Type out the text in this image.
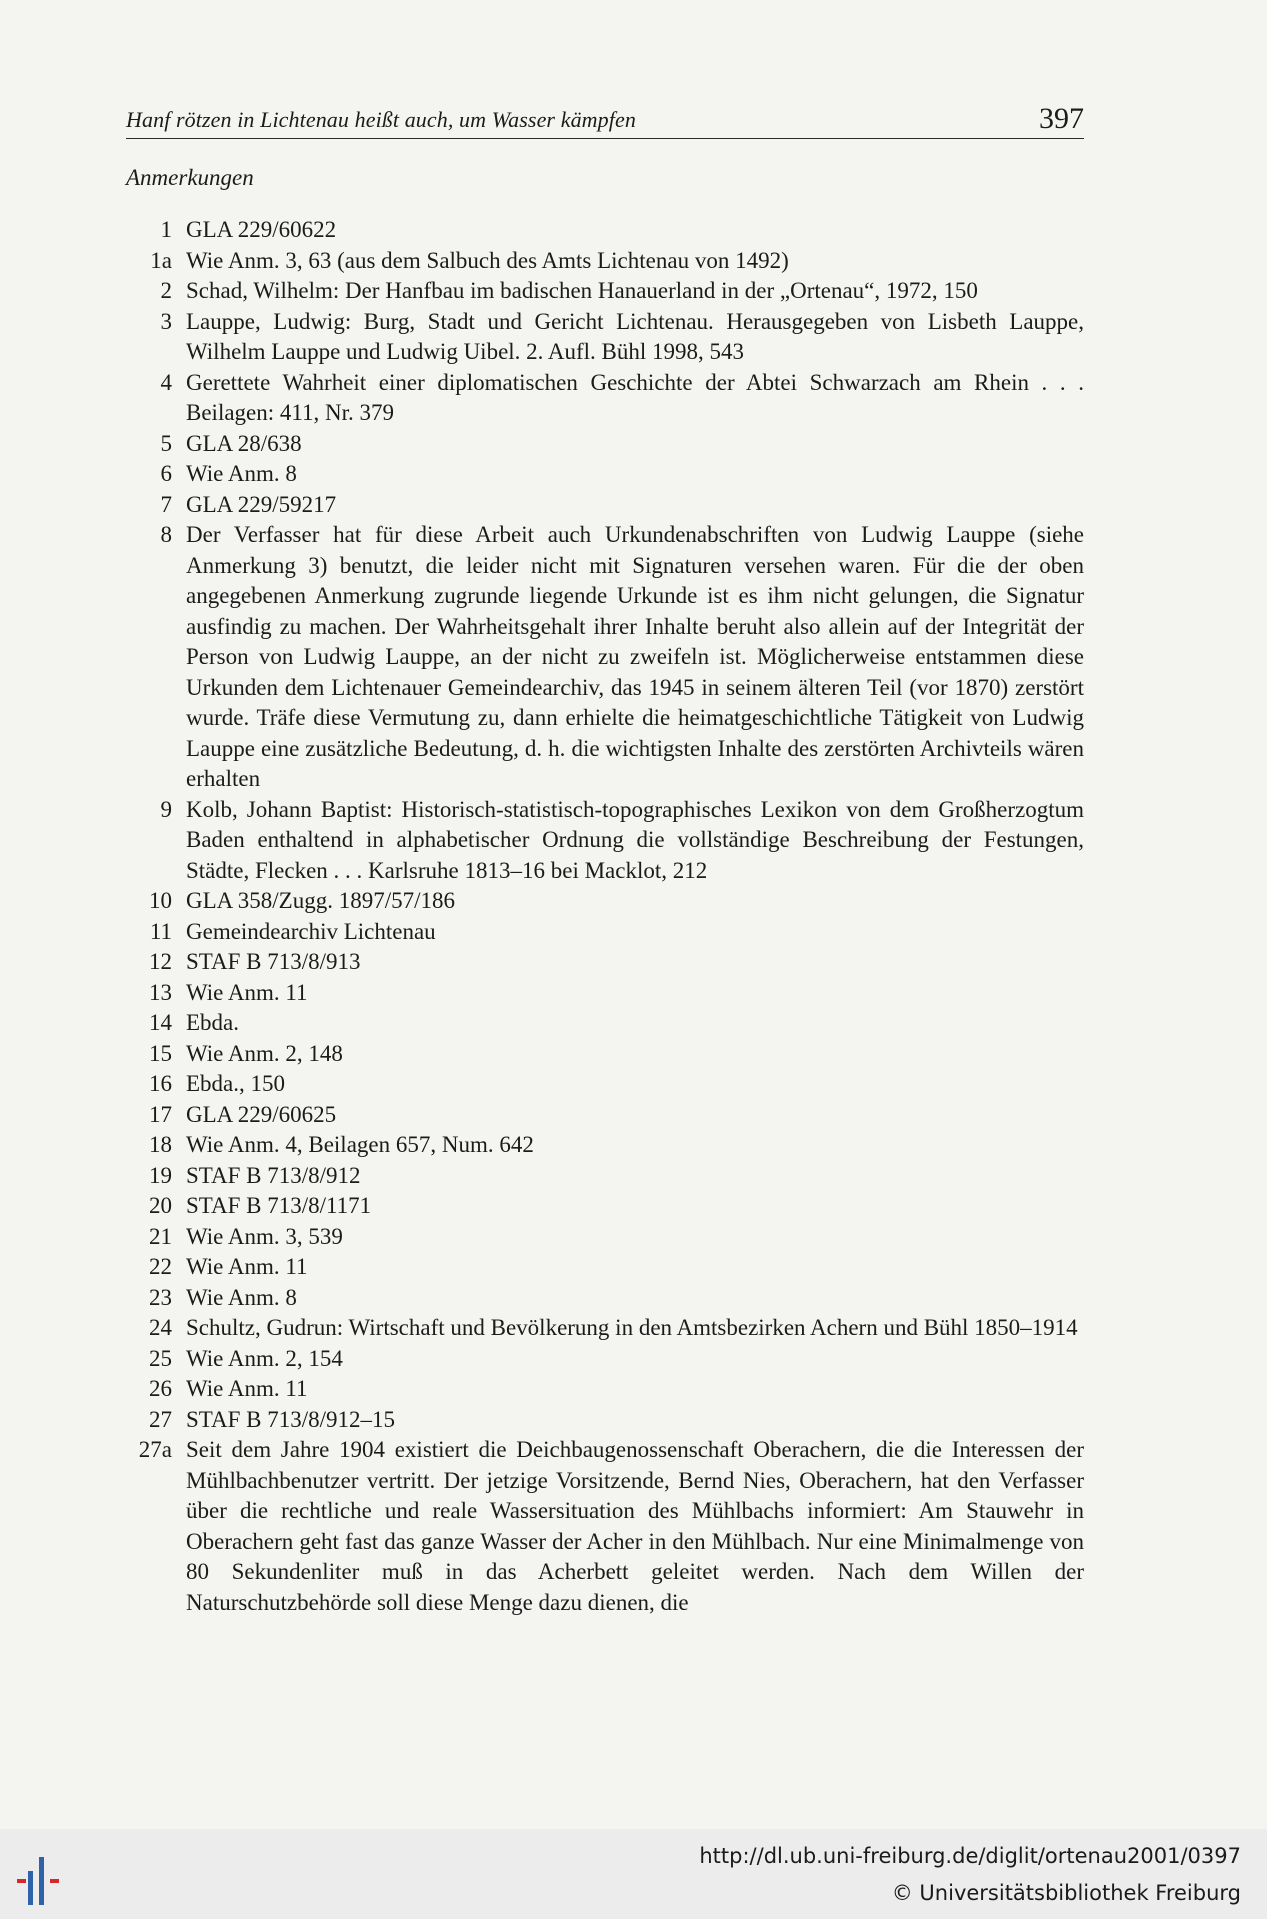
Hanf rötzen in Lichtenau heißt auch, um Wasser kämpfen	397
Anmerkungen
1 GLA 229/60622
1a Wie Anm. 3, 63 (aus dem Salbuch des Amts Lichtenau von 1492)
2 Schad, Wilhelm: Der Hanfbau im badischen Hanauerland in der „Ortenau“, 1972, 150
3 Lauppe, Ludwig: Burg, Stadt und Gericht Lichtenau. Herausgegeben von Lisbeth Lauppe, Wilhelm Lauppe und Ludwig Uibel. 2. Aufl. Bühl 1998, 543
4 Gerettete Wahrheit einer diplomatischen Geschichte der Abtei Schwarzach am Rhein . . . Beilagen: 411, Nr. 379
5 GLA 28/638
6 Wie Anm. 8
7 GLA 229/59217
8 Der Verfasser hat für diese Arbeit auch Urkundenabschriften von Ludwig Lauppe (siehe Anmerkung 3) benutzt, die leider nicht mit Signaturen versehen waren. Für die der oben angegebenen Anmerkung zugrunde liegende Urkunde ist es ihm nicht gelungen, die Signatur ausfindig zu machen. Der Wahrheitsgehalt ihrer Inhalte beruht also allein auf der Integrität der Person von Ludwig Lauppe, an der nicht zu zweifeln ist. Möglicherweise entstammen diese Urkunden dem Lichtenauer Gemeindearchiv, das 1945 in seinem älteren Teil (vor 1870) zerstört wurde. Träfe diese Vermutung zu, dann erhielte die heimatgeschichtliche Tätigkeit von Ludwig Lauppe eine zusätzliche Bedeutung, d. h. die wichtigsten Inhalte des zerstörten Archivteils wären erhalten
9 Kolb, Johann Baptist: Historisch-statistisch-topographisches Lexikon von dem Großherzogtum Baden enthaltend in alphabetischer Ordnung die vollständige Beschreibung der Festungen, Städte, Flecken . . . Karlsruhe 1813–16 bei Macklot, 212
10 GLA 358/Zugg. 1897/57/186
11 Gemeindearchiv Lichtenau
12 STAF B 713/8/913
13 Wie Anm. 11
14 Ebda.
15 Wie Anm. 2, 148
16 Ebda., 150
17 GLA 229/60625
18 Wie Anm. 4, Beilagen 657, Num. 642
19 STAF B 713/8/912
20 STAF B 713/8/1171
21 Wie Anm. 3, 539
22 Wie Anm. 11
23 Wie Anm. 8
24 Schultz, Gudrun: Wirtschaft und Bevölkerung in den Amtsbezirken Achern und Bühl 1850–1914
25 Wie Anm. 2, 154
26 Wie Anm. 11
27 STAF B 713/8/912–15
27a Seit dem Jahre 1904 existiert die Deichbaugenossenschaft Oberachern, die die Interessen der Mühlbachbenutzer vertritt. Der jetzige Vorsitzende, Bernd Nies, Oberachern, hat den Verfasser über die rechtliche und reale Wassersituation des Mühlbachs informiert: Am Stauwehr in Oberachern geht fast das ganze Wasser der Acher in den Mühlbach. Nur eine Minimalmenge von 80 Sekundenliter muß in das Acherbett geleitet werden. Nach dem Willen der Naturschutzbehörde soll diese Menge dazu dienen, die
http://dl.ub.uni-freiburg.de/diglit/ortenau2001/0397
© Universitätsbibliothek Freiburg
